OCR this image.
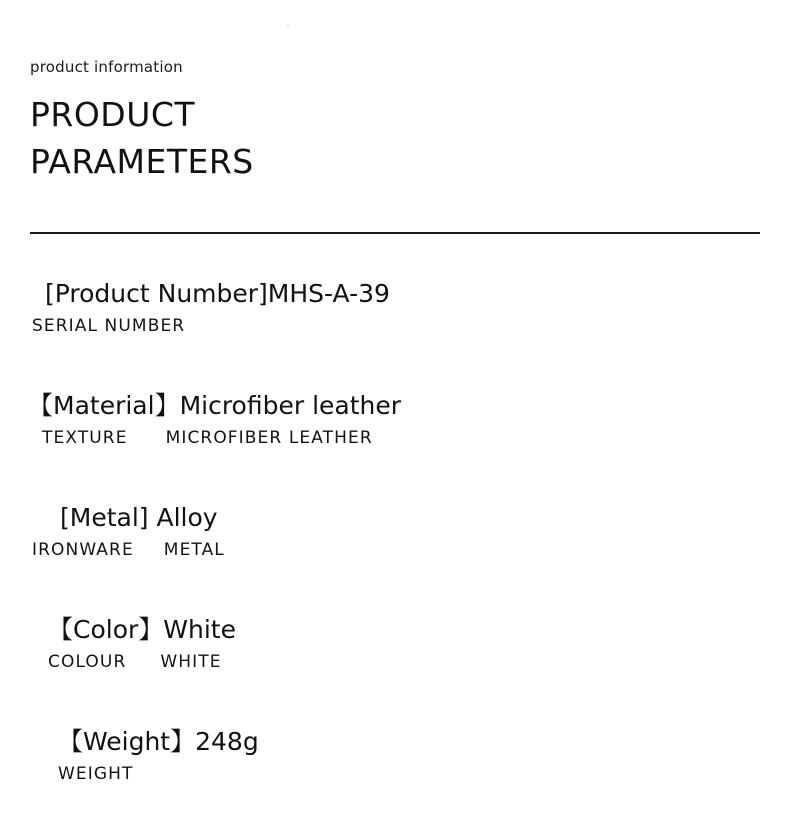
product information

PRODUCT
PARAMETERS
[Product Number]MHS-A-39
SERIAL NUMBER
【Material】Microfiber leather
TEXTURE MICROFIBER LEATHER
[Metal] Alloy
IRONWARE METAL
【Color】White
COLOUR WHITE
【Weight】248g
WEIGHT
